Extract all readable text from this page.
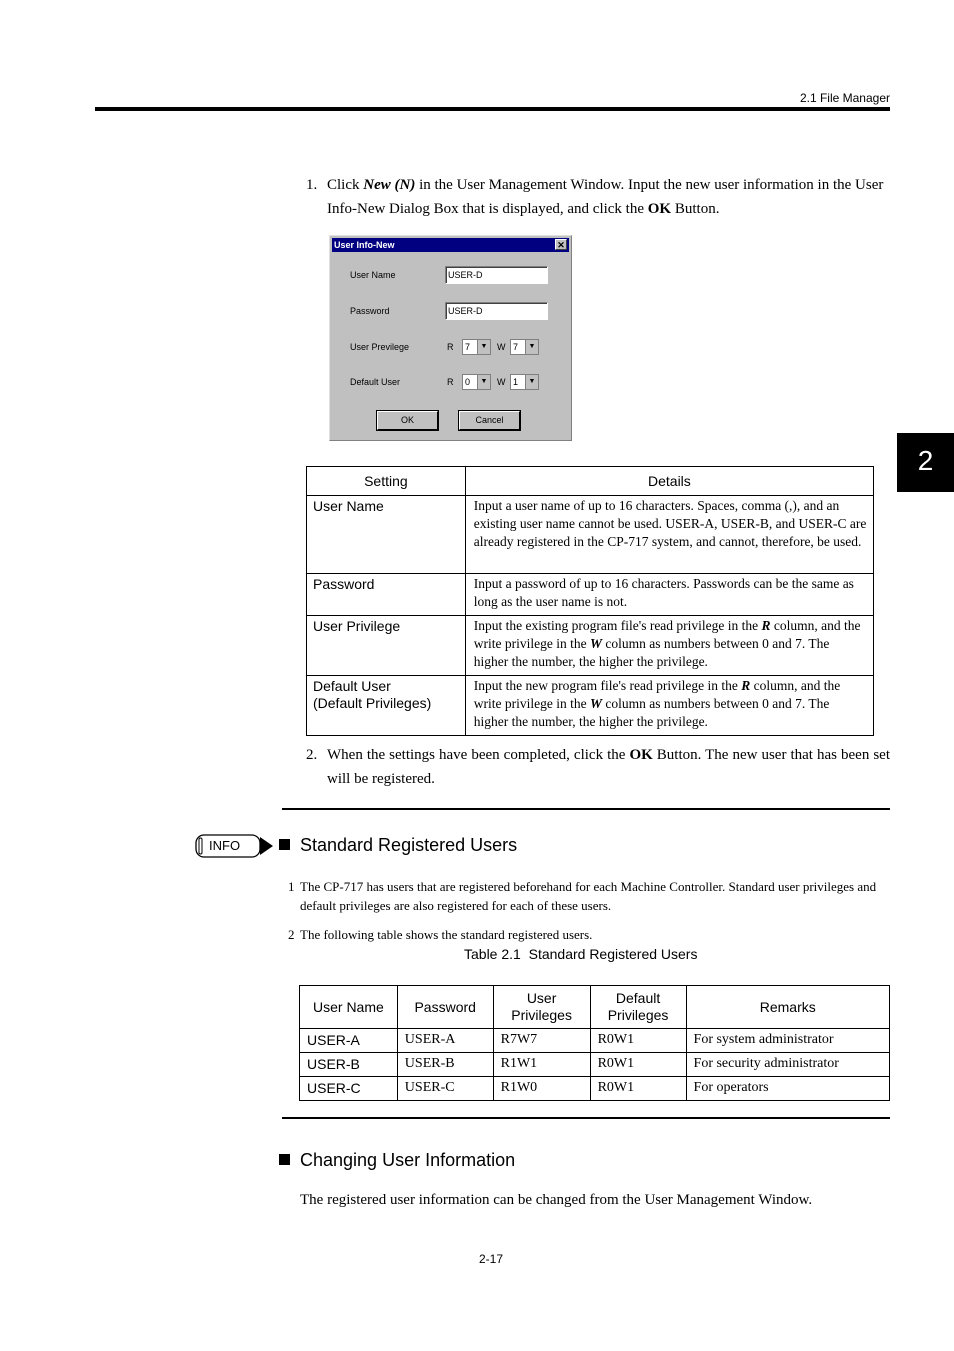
2.1 File Manager
2
1. Click New (N) in the User Management Window. Input the new user information in the User Info-New Dialog Box that is displayed, and click the OK Button.
User Info-New	✕
User Name	USER-D
Password	USER-D
User Previlege	R	7	▼ W 7	▼
Default User	R	0	▼ W 1	▼
OK	Cancel
Setting	Details
User Name	Input a user name of up to 16 characters. Spaces, comma (,), and an existing user name cannot be used. USER-A, USER-B, and USER-C are already registered in the CP-717 system, and cannot, therefore, be used.
Password	Input a password of up to 16 characters. Passwords can be the same as long as the user name is not.
User Privilege	Input the existing program file's read privilege in the R column, and the write privilege in the W column as numbers between 0 and 7. The higher the number, the higher the privilege.
Default User
(Default Privileges)	Input the new program file's read privilege in the R column, and the write privilege in the W column as numbers between 0 and 7. The higher the number, the higher the privilege.
2. When the settings have been completed, click the OK Button. The new user that has been set will be registered.
INFO	Standard Registered Users
1 The CP-717 has users that are registered beforehand for each Machine Controller. Standard user privileges and default privileges are also registered for each of these users.
2 The following table shows the standard registered users.
Table 2.1 Standard Registered Users
User Name	Password	User Privileges	Default Privileges	Remarks
USER-A	USER-A	R7W7	R0W1	For system administrator
USER-B	USER-B	R1W1	R0W1	For security administrator
USER-C	USER-C	R1W0	R0W1	For operators
Changing User Information
The registered user information can be changed from the User Management Window.
2-17
